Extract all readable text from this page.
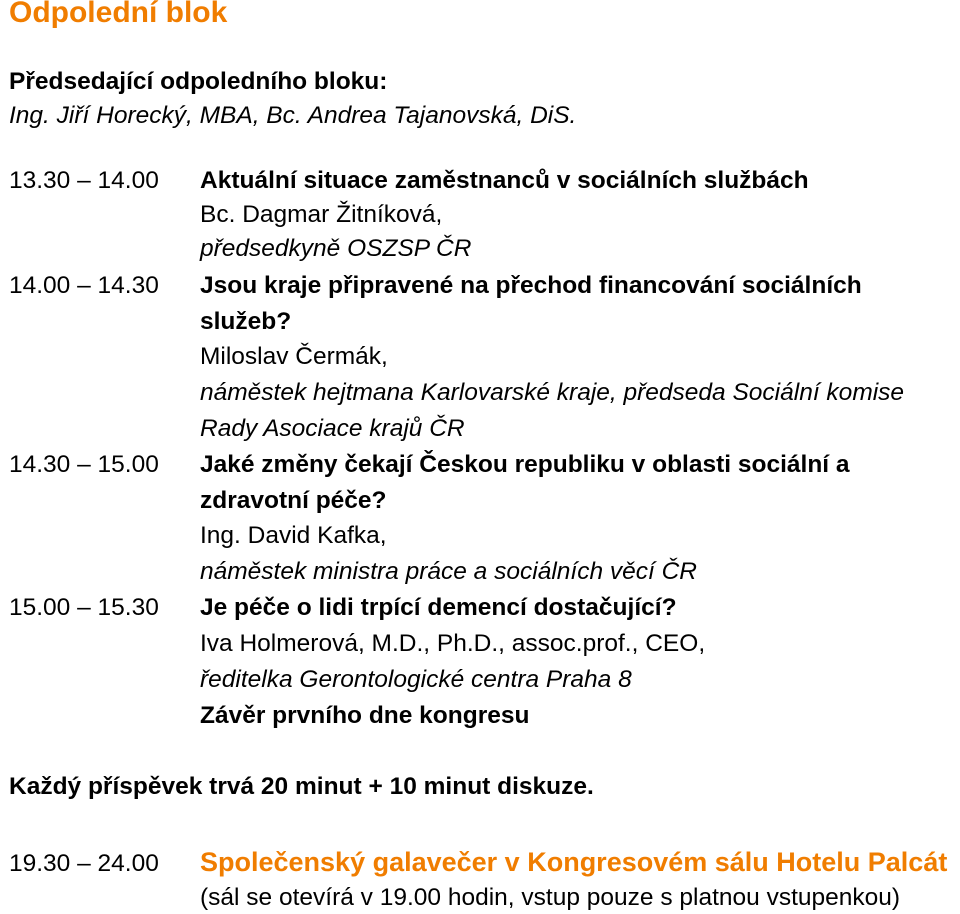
Odpolední blok
Předsedající odpoledního bloku:
Ing. Jiří Horecký, MBA, Bc. Andrea Tajanovská, DiS.
13.30 – 14.00 Aktuální situace zaměstnanců v sociálních službách
Bc. Dagmar Žitníková,
předsedkyně OSZSP ČR
14.00 – 14.30 Jsou kraje připravené na přechod financování sociálních
služeb?
Miloslav Čermák,
náměstek hejtmana Karlovarské kraje, předseda Sociální komise
Rady Asociace krajů ČR
14.30 – 15.00 Jaké změny čekají Českou republiku v oblasti sociální a
zdravotní péče?
Ing. David Kafka,
náměstek ministra práce a sociálních věcí ČR
15.00 – 15.30 Je péče o lidi trpící demencí dostačující?
Iva Holmerová, M.D., Ph.D., assoc.prof., CEO,
ředitelka Gerontologické centra Praha 8
Závěr prvního dne kongresu
Každý příspěvek trvá 20 minut + 10 minut diskuze.
19.30 – 24.00 Společenský galavečer v Kongresovém sálu Hotelu Palcát
(sál se otevírá v 19.00 hodin, vstup pouze s platnou vstupenkou)
